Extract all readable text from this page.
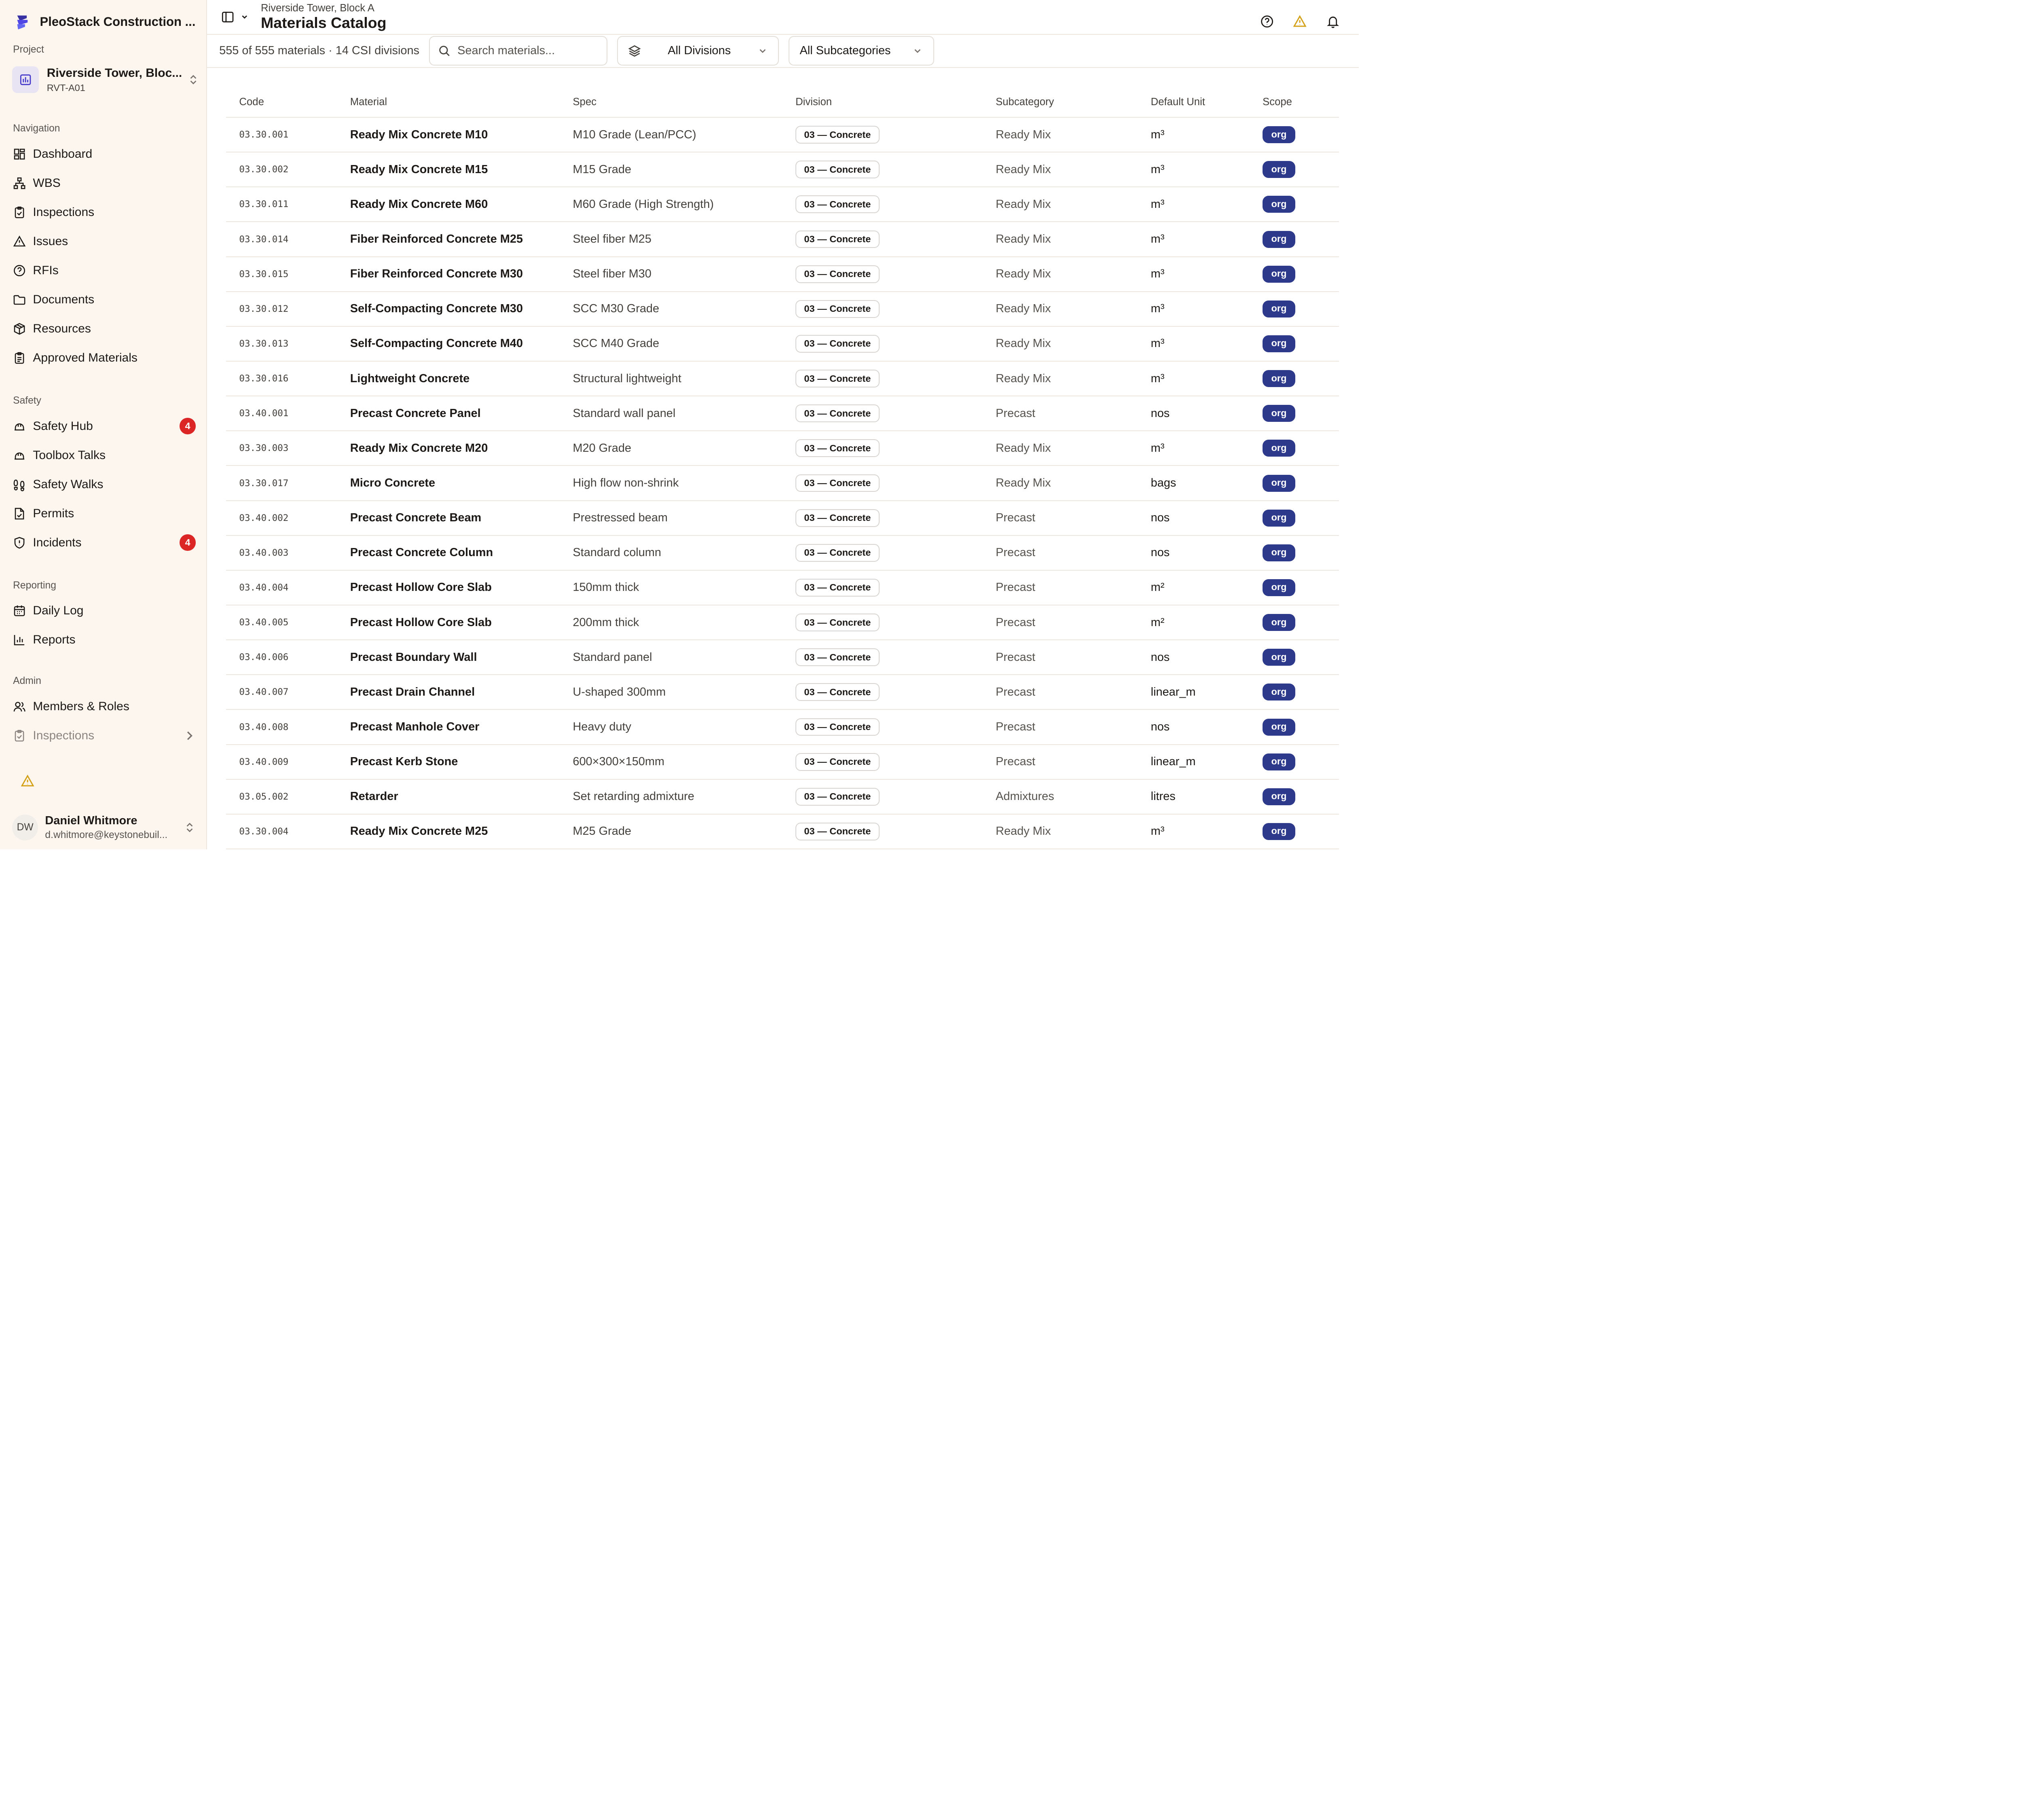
PleoStack Construction ...
Project
Riverside Tower, Bloc...
RVT-A01
Navigation
Dashboard
WBS
Inspections
Issues
RFIs
Documents
Resources
Approved Materials
Safety
Safety Hub	4
Toolbox Talks
Safety Walks
Permits
Incidents	4
Reporting
Daily Log
Reports
Admin
Members & Roles
Inspections
DW
Daniel Whitmore
d.whitmore@keystonebuil...
Riverside Tower, Block A
Materials Catalog
555 of 555 materials · 14 CSI divisions
Search materials...	All Divisions	All Subcategories
Code	Material	Spec	Division	Subcategory	Default Unit	Scope
03.30.001	Ready Mix Concrete M10	M10 Grade (Lean/PCC)	03 — Concrete	Ready Mix	m³	org
03.30.002	Ready Mix Concrete M15	M15 Grade	03 — Concrete	Ready Mix	m³	org
03.30.011	Ready Mix Concrete M60	M60 Grade (High Strength)	03 — Concrete	Ready Mix	m³	org
03.30.014	Fiber Reinforced Concrete M25	Steel fiber M25	03 — Concrete	Ready Mix	m³	org
03.30.015	Fiber Reinforced Concrete M30	Steel fiber M30	03 — Concrete	Ready Mix	m³	org
03.30.012	Self-Compacting Concrete M30	SCC M30 Grade	03 — Concrete	Ready Mix	m³	org
03.30.013	Self-Compacting Concrete M40	SCC M40 Grade	03 — Concrete	Ready Mix	m³	org
03.30.016	Lightweight Concrete	Structural lightweight	03 — Concrete	Ready Mix	m³	org
03.40.001	Precast Concrete Panel	Standard wall panel	03 — Concrete	Precast	nos	org
03.30.003	Ready Mix Concrete M20	M20 Grade	03 — Concrete	Ready Mix	m³	org
03.30.017	Micro Concrete	High flow non-shrink	03 — Concrete	Ready Mix	bags	org
03.40.002	Precast Concrete Beam	Prestressed beam	03 — Concrete	Precast	nos	org
03.40.003	Precast Concrete Column	Standard column	03 — Concrete	Precast	nos	org
03.40.004	Precast Hollow Core Slab	150mm thick	03 — Concrete	Precast	m²	org
03.40.005	Precast Hollow Core Slab	200mm thick	03 — Concrete	Precast	m²	org
03.40.006	Precast Boundary Wall	Standard panel	03 — Concrete	Precast	nos	org
03.40.007	Precast Drain Channel	U-shaped 300mm	03 — Concrete	Precast	linear_m	org
03.40.008	Precast Manhole Cover	Heavy duty	03 — Concrete	Precast	nos	org
03.40.009	Precast Kerb Stone	600×300×150mm	03 — Concrete	Precast	linear_m	org
03.05.002	Retarder	Set retarding admixture	03 — Concrete	Admixtures	litres	org
03.30.004	Ready Mix Concrete M25	M25 Grade	03 — Concrete	Ready Mix	m³	org
